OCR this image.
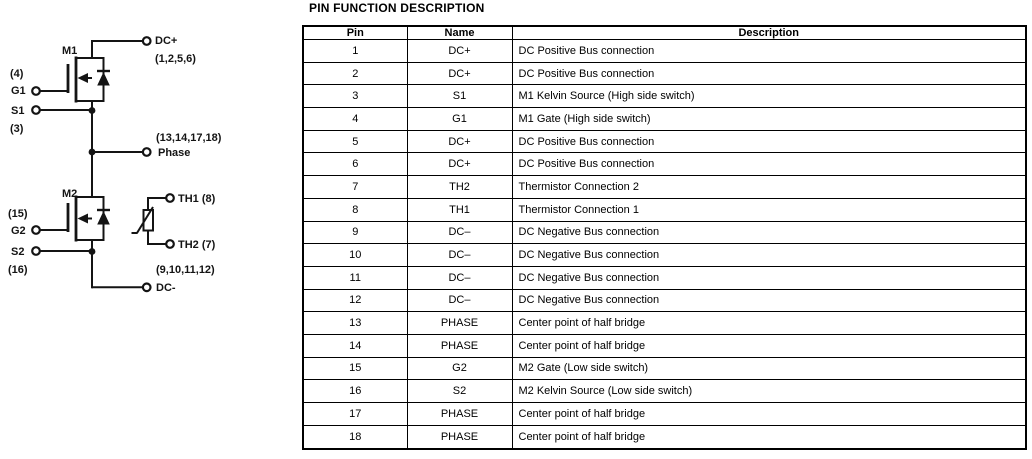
M1
DC+
(1,2,5,6)
(4)
G1
S1
(3)
(13,14,17,18)
Phase
M2
(15)
G2
S2
(16)
TH1 (8)
TH2 (7)
(9,10,11,12)
DC-
PIN FUNCTION DESCRIPTION
Pin	Name	Description
1	DC+	DC Positive Bus connection
2	DC+	DC Positive Bus connection
3	S1	M1 Kelvin Source (High side switch)
4	G1	M1 Gate (High side switch)
5	DC+	DC Positive Bus connection
6	DC+	DC Positive Bus connection
7	TH2	Thermistor Connection 2
8	TH1	Thermistor Connection 1
9	DC–	DC Negative Bus connection
10	DC–	DC Negative Bus connection
11	DC–	DC Negative Bus connection
12	DC–	DC Negative Bus connection
13	PHASE	Center point of half bridge
14	PHASE	Center point of half bridge
15	G2	M2 Gate (Low side switch)
16	S2	M2 Kelvin Source (Low side switch)
17	PHASE	Center point of half bridge
18	PHASE	Center point of half bridge
